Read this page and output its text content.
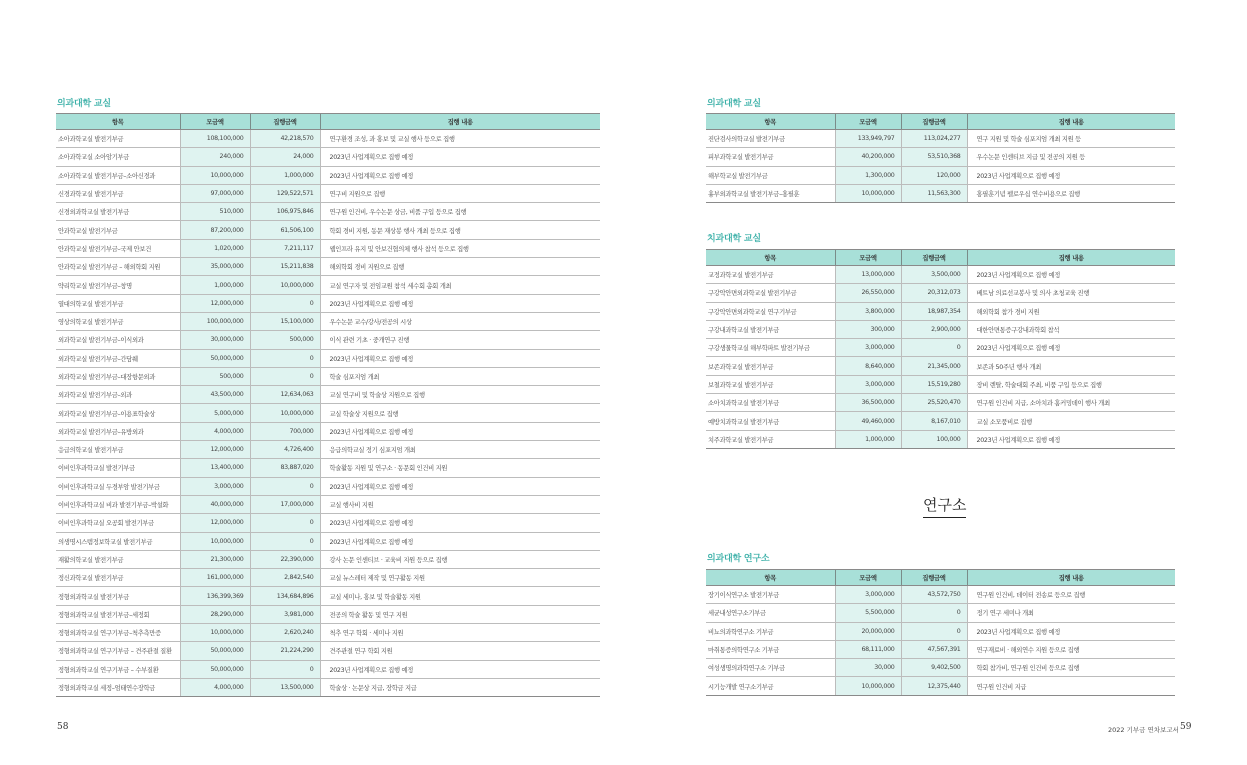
의과대학 교실
항목	모금액	집행금액	집행 내용
소아과학교실 발전기부금	108,100,000	42,218,570	연구환경 조성, 과 홍보 및 교실 행사 등으로 집행
소아과학교실 소아암기부금	240,000	24,000	2023년 사업계획으로 집행 예정
소아과학교실 발전기부금–소아신경과	10,000,000	1,000,000	2023년 사업계획으로 집행 예정
신경과학교실 발전기부금	97,000,000	129,522,571	연구비 지원으로 집행
신경외과학교실 발전기부금	510,000	106,975,846	연구원 인건비, 우수논문 상금, 비품 구입 등으로 집행
안과학교실 발전기부금	87,200,000	61,506,100	학회 경비 지원, 동문 재상봉 행사 개최 등으로 집행
안과학교실 발전기부금–국제 안보건	1,020,000	7,211,117	웹인프라 유지 및 안보건협의체 행사 참석 등으로 집행
안과학교실 발전기부금 – 해외학회 지원	35,000,000	15,211,838	해외학회 경비 지원으로 집행
약리학교실 발전기부금–창명	1,000,000	10,000,000	교실 연구자 및 전임교원 참석 세수회 총회 개최
열대의학교실 발전기부금	12,000,000	0	2023년 사업계획으로 집행 예정
영상의학교실 발전기부금	100,000,000	15,100,000	우수논문 교수/강사/전공의 시상
외과학교실 발전기부금–이식외과	30,000,000	500,000	이식 관련 기초 · 중개연구 진행
외과학교실 발전기부금–간담췌	50,000,000	0	2023년 사업계획으로 집행 예정
외과학교실 발전기부금–대장항문외과	500,000	0	학술 심포지엄 개최
외과학교실 발전기부금–외과	43,500,000	12,634,063	교실 연구비 및 학술상 지원으로 집행
외과학교실 발전기부금–이용표학술상	5,000,000	10,000,000	교실 학술상 지원으로 집행
외과학교실 발전기부금–유방외과	4,000,000	700,000	2023년 사업계획으로 집행 예정
응급의학교실 발전기부금	12,000,000	4,726,400	응급의학교실 정기 심포지엄 개최
이비인후과학교실 발전기부금	13,400,000	83,887,020	학술활동 지원 및 연구소 · 동문회 인건비 지원
이비인후과학교실 두경부암 발전기부금	3,000,000	0	2023년 사업계획으로 집행 예정
이비인후과학교실 비과 발전기부금–박설화	40,000,000	17,000,000	교실 행사비 지원
이비인후과학교실 오공회 발전기부금	12,000,000	0	2023년 사업계획으로 집행 예정
의생명시스템정보학교실 발전기부금	10,000,000	0	2023년 사업계획으로 집행 예정
재활의학교실 발전기부금	21,300,000	22,390,000	강사 논문 인센티브 · 교육비 지원 등으로 집행
정신과학교실 발전기부금	161,000,000	2,842,540	교실 뉴스레터 제작 및 연구활동 지원
정형외과학교실 발전기부금	136,399,369	134,684,896	교실 세미나, 홍보 및 학술활동 지원
정형외과학교실 발전기부금–세정회	28,290,000	3,981,000	전공의 학술 활동 및 연구 지원
정형외과학교실 연구기부금–척추측만증	10,000,000	2,620,240	척추 연구 학회 · 세미나 지원
정형외과학교실 연구기부금 – 견주관절 질환	50,000,000	21,224,290	견주관절 연구 학회 지원
정형외과학교실 연구기부금 – 수부질환	50,000,000	0	2023년 사업계획으로 집행 예정
정형외과학교실 세정–엄태연수장학금	4,000,000	13,500,000	학술상 · 논문상 지급, 장학금 지급
58
의과대학 교실
항목	모금액	집행금액	집행 내용
진단검사의학교실 발전기부금	133,949,797	113,024,277	연구 지원 및 학술 심포지엄 개최 지원 등
피부과학교실 발전기부금	40,200,000	53,510,368	우수논문 인센티브 지급 및 전공의 지원 등
해부학교실 발전기부금	1,300,000	120,000	2023년 사업계획으로 집행 예정
흉부외과학교실 발전기부금–홍필훈	10,000,000	11,563,300	홍필훈기념 펠로우십 연수비용으로 집행
치과대학 교실
항목	모금액	집행금액	집행 내용
교정과학교실 발전기부금	13,000,000	3,500,000	2023년 사업계획으로 집행 예정
구강악안면외과학교실 발전기부금	26,550,000	20,312,073	베트남 의료선교봉사 및 의사 초청교육 진행
구강악안면외과학교실 연구기부금	3,800,000	18,987,354	해외학회 참가 경비 지원
구강내과학교실 발전기부금	300,000	2,900,000	대한안면통증구강내과학회 참석
구강생물학교실 해부학파트 발전기부금	3,000,000	0	2023년 사업계획으로 집행 예정
보존과학교실 발전기부금	8,640,000	21,345,000	보존과 50주년 행사 개최
보철과학교실 발전기부금	3,000,000	15,519,280	장비 렌탈, 학술대회 주최, 비품 구입 등으로 집행
소아치과학교실 발전기부금	36,500,000	25,520,470	연구원 인건비 지급, 소아치과 홈커밍데이 행사 개최
예방치과학교실 발전기부금	49,460,000	8,167,010	교실 소모품비로 집행
치주과학교실 발전기부금	1,000,000	100,000	2023년 사업계획으로 집행 예정
연구소
의과대학 연구소
항목	모금액	집행금액	집행 내용
장기이식연구소 발전기부금	3,000,000	43,572,750	연구원 인건비, 데이터 전송료 등으로 집행
세균내성연구소기부금	5,500,000	0	정기 연구 세미나 개최
비뇨의과학연구소 기부금	20,000,000	0	2023년 사업계획으로 집행 예정
마취통증의학연구소 기부금	68,111,000	47,567,391	연구재료비 · 해외연수 지원 등으로 집행
여성생명의과학연구소 기부금	30,000	9,402,500	학회 참가비, 연구원 인건비 등으로 집행
시기능개발 연구소기부금	10,000,000	12,375,440	연구원 인건비 지급
2022 기부금 연차보고서 59
